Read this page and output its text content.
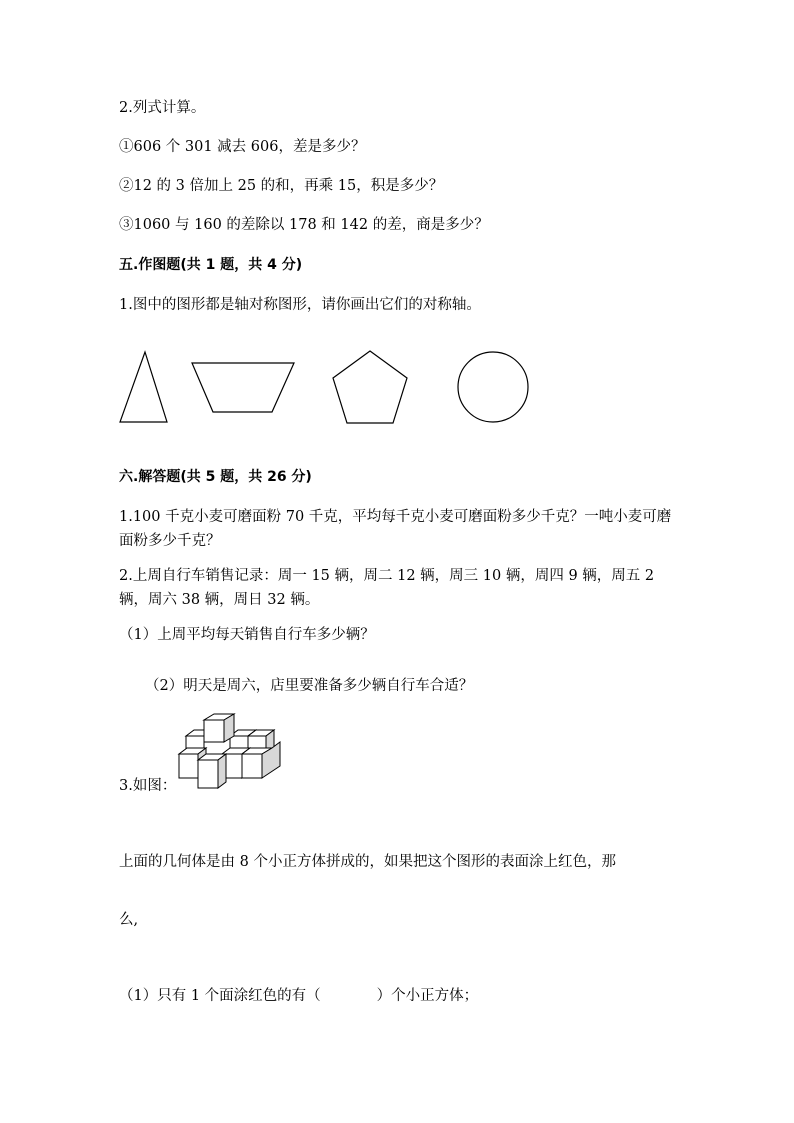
2.列式计算。
①606 个 301 减去 606，差是多少？
②12 的 3 倍加上 25 的和，再乘 15，积是多少？
③1060 与 160 的差除以 178 和 142 的差，商是多少？
五.作图题(共 1 题，共 4 分)
1.图中的图形都是轴对称图形，请你画出它们的对称轴。
六.解答题(共 5 题，共 26 分)
1.100 千克小麦可磨面粉 70 千克，平均每千克小麦可磨面粉多少千克？一吨小麦可磨面粉多少千克？
2.上周自行车销售记录：周一 15 辆，周二 12 辆，周三 10 辆，周四 9 辆，周五 2 辆，周六 38 辆，周日 32 辆。
（1）上周平均每天销售自行车多少辆？
（2）明天是周六，店里要准备多少辆自行车合适？
3.如图：
上面的几何体是由 8 个小正方体拼成的，如果把这个图形的表面涂上红色，那
么,
（1）只有 1 个面涂红色的有（	）个小正方体；
